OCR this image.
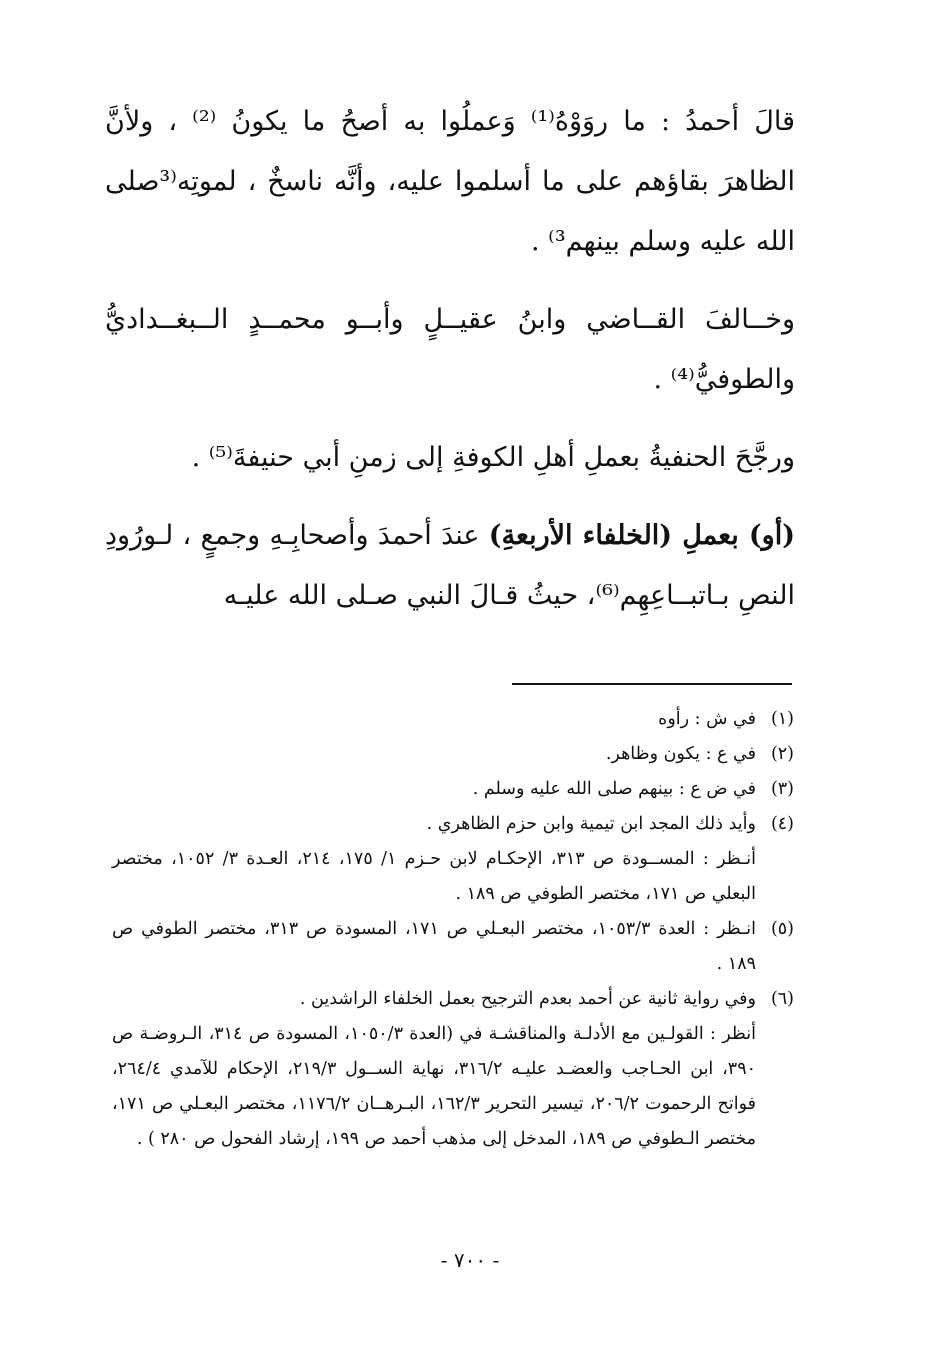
قالَ أحمدُ : ما روَوْهُ⁽¹⁾ وَعملُوا به أصحُ ما يكونُ ⁽²⁾ ، ولأنَّ الظاهرَ بقاؤهم على ما أسلموا عليه، وأنَّه ناسخٌ ، لموتِه⁽³صلى الله عليه وسلم بينهم³⁾ .

وخــالفَ القــاضي وابنُ عقيــلٍ وأبــو محمــدٍ الــبغــداديُّ والطوفيُّ⁽⁴⁾ .

ورجَّحَ الحنفيةُ بعملِ أهلِ الكوفةِ إلى زمنِ أبي حنيفةَ⁽⁵⁾ .

(أو) بعملِ (الخلفاء الأربعةِ) عندَ أحمدَ وأصحابِـهِ وجمعٍ ، لـورُودِ النصِ بـاتبــاعِهِم⁽⁶⁾، حيثُ قـالَ النبي صـلى الله عليـه

(١)
في ش : رأوه
(٢)
في ع : يكون وظاهر.
(٣)
في ض ع : بينهم صلى الله عليه وسلم .
(٤)
وأيد ذلك المجد ابن تيمية وابن حزم الظاهري .
أنـظر : المســودة ص ٣١٣، الإحكـام لابن حـزم ١/ ١٧٥، ٢١٤، العـدة ٣/ ١٠٥٢، مختصر البعلي ص ١٧١، مختصر الطوفي ص ١٨٩ .
(٥)
انـظر : العدة ١٠٥٣/٣، مختصر البعـلي ص ١٧١، المسودة ص ٣١٣، مختصر الطوفي ص ١٨٩ .
(٦)
وفي رواية ثانية عن أحمد بعدم الترجيح بعمل الخلفاء الراشدين .
أنظر : القولـين مع الأدلـة والمناقشـة في (العدة ١٠٥٠/٣، المسودة ص ٣١٤، الـروضـة ص ٣٩٠، ابن الحـاجب والعضـد عليـه ٣١٦/٢، نهاية الســول ٢١٩/٣، الإحكام للآمدي ٢٦٤/٤، فواتح الرحموت ٢٠٦/٢، تيسير التحرير ١٦٢/٣، البـرهــان ١١٧٦/٢، مختصر البعـلي ص ١٧١، مختصر الـطوفي ص ١٨٩، المدخل إلى مذهب أحمد ص ١٩٩، إرشاد الفحول ص ٢٨٠ ) .
- ٧٠٠ -
